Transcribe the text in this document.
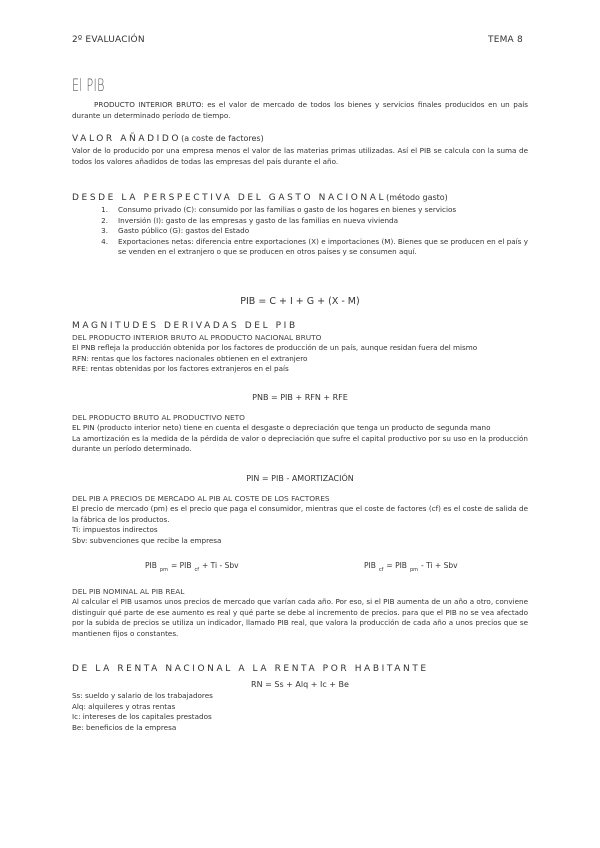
2º EVALUACIÓN	TEMA 8
El PIB
PRODUCTO INTERIOR BRUTO: es el valor de mercado de todos los bienes y servicios finales producidos en un país durante un determinado período de tiempo.
VALOR AÑADIDO(a coste de factores)
Valor de lo producido por una empresa menos el valor de las materias primas utilizadas. Así el PIB se calcula con la suma de todos los valores añadidos de todas las empresas del país durante el año.
DESDE LA PERSPECTIVA DEL GASTO NACIONAL(método gasto)
1.	Consumo privado (C): consumido por las familias o gasto de los hogares en bienes y servicios
2.	Inversión (I): gasto de las empresas y gasto de las familias en nueva vivienda
3.	Gasto público (G): gastos del Estado
4.	Exportaciones netas: diferencia entre exportaciones (X) e importaciones (M). Bienes que se producen en el país y se venden en el extranjero o que se producen en otros países y se consumen aquí.
PIB = C + I + G + (X - M)
MAGNITUDES DERIVADAS DEL PIB
DEL PRODUCTO INTERIOR BRUTO AL PRODUCTO NACIONAL BRUTO

El PNB refleja la producción obtenida por los factores de producción de un país, aunque residan fuera del mismo

RFN: rentas que los factores nacionales obtienen en el extranjero

RFE: rentas obtenidas por los factores extranjeros en el país

PNB = PIB + RFN + RFE
DEL PRODUCTO BRUTO AL PRODUCTIVO NETO

EL PIN (producto interior neto) tiene en cuenta el desgaste o depreciación que tenga un producto de segunda mano

La amortización es la medida de la pérdida de valor o depreciación que sufre el capital productivo por su uso en la producción durante un período determinado.

PIN = PIB - AMORTIZACIÓN
DEL PIB A PRECIOS DE MERCADO AL PIB AL COSTE DE LOS FACTORES

El precio de mercado (pm) es el precio que paga el consumidor, mientras que el coste de factores (cf) es el coste de salida de la fábrica de los productos.

Ti: impuestos indirectos

Sbv: subvenciones que recibe la empresa

PIB $_{pm}$ = PIB $_{cf}$ + Ti - Sbv	PIB $_{cf}$ = PIB $_{pm}$ - Ti + Sbv
DEL PIB NOMINAL AL PIB REAL
Al calcular el PIB usamos unos precios de mercado que varían cada año. Por eso, si el PIB aumenta de un año a otro, conviene distinguir qué parte de ese aumento es real y qué parte se debe al incremento de precios. para que el PIB no se vea afectado por la subida de precios se utiliza un indicador, llamado PIB real, que valora la producción de cada año a unos precios que se mantienen fijos o constantes.
DE LA RENTA NACIONAL A LA RENTA POR HABITANTE
RN = Ss + Alq + Ic + Be

Ss: sueldo y salario de los trabajadores

Alq: alquileres y otras rentas

Ic: intereses de los capitales prestados

Be: beneficios de la empresa
